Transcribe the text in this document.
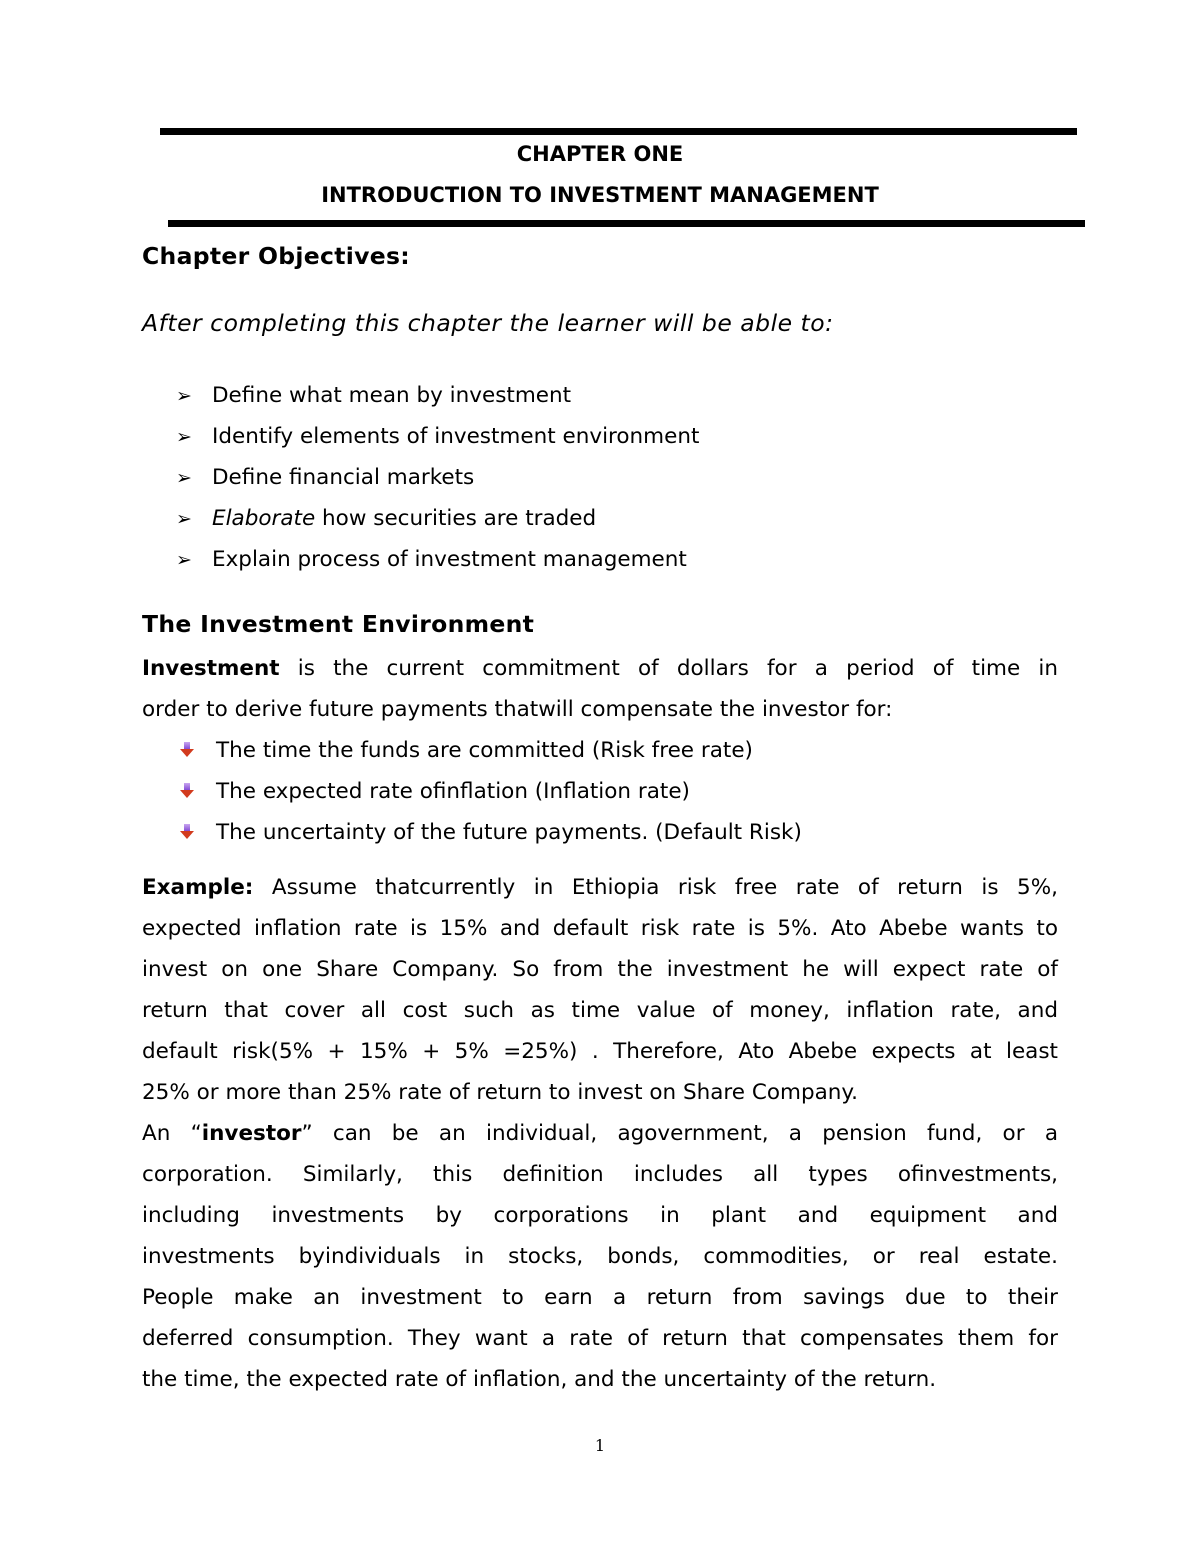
CHAPTER ONE
INTRODUCTION TO INVESTMENT MANAGEMENT
Chapter Objectives:
After completing this chapter the learner will be able to:
➢ Define what mean by investment
➢ Identify elements of investment environment
➢ Define financial markets
➢ Elaborate how securities are traded
➢ Explain process of investment management
The Investment Environment
Investment is the current commitment of dollars for a period of time in
order to derive future payments thatwill compensate the investor for:
The time the funds are committed (Risk free rate)
The expected rate ofinflation (Inflation rate)
The uncertainty of the future payments. (Default Risk)
Example: Assume thatcurrently in Ethiopia risk free rate of return is 5%,
expected inflation rate is 15% and default risk rate is 5%. Ato Abebe wants to
invest on one Share Company. So from the investment he will expect rate of
return that cover all cost such as time value of money, inflation rate, and
default risk(5% + 15% + 5% =25%) . Therefore, Ato Abebe expects at least
25% or more than 25% rate of return to invest on Share Company.
An “investor” can be an individual, agovernment, a pension fund, or a
corporation. Similarly, this definition includes all types ofinvestments,
including investments by corporations in plant and equipment and
investments byindividuals in stocks, bonds, commodities, or real estate.
People make an investment to earn a return from savings due to their
deferred consumption. They want a rate of return that compensates them for
the time, the expected rate of inflation, and the uncertainty of the return.
1
